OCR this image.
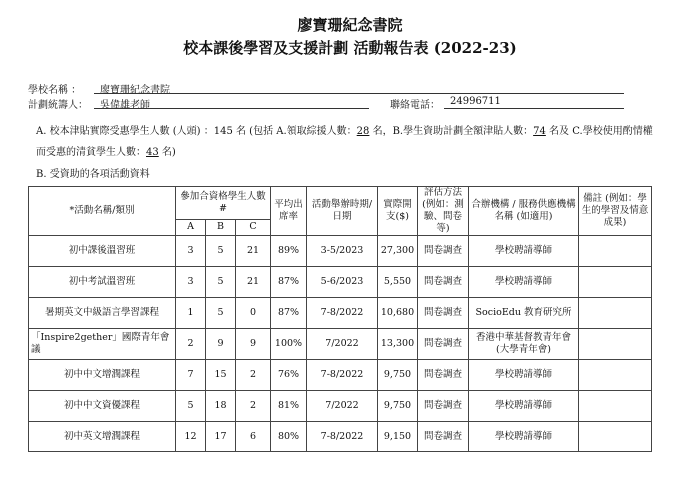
廖寶珊紀念書院
校本課後學習及支援計劃 活動報告表 (2022-23)
學校名稱 ： 廖寶珊紀念書院
計劃統籌人： 吳偉雄老師	聯絡電話： 24996711
A. 校本津貼實際受惠學生人數 (人頭) ：145 名 (包括 A.領取綜援人數：28 名，B.學生資助計劃全額津貼人數：74 名及 C.學校使用酌情權
而受惠的清貧學生人數：43 名)
B. 受資助的各項活動資料
*活動名稱/類別	參加合資格學生人數#			平均出席率	活動舉辦時期/日期	實際開支($)	評估方法(例如：測驗、問卷等)	合辦機構 / 服務供應機構名稱 (如適用)	備註 (例如：學生的學習及情意成果)
	A	B	C						
初中課後溫習班	3	5	21	89%	3-5/2023	27,300	問卷調查	學校聘請導師	
初中考試溫習班	3	5	21	87%	5-6/2023	5,550	問卷調查	學校聘請導師	
暑期英文中級語言學習課程	1	5	0	87%	7-8/2022	10,680	問卷調查	SocioEdu 教育研究所	
「Inspire2gether」國際青年會議	2	9	9	100%	7/2022	13,300	問卷調查	香港中華基督教青年會 (大學青年會)	
初中中文增潤課程	7	15	2	76%	7-8/2022	9,750	問卷調查	學校聘請導師	
初中中文資優課程	5	18	2	81%	7/2022	9,750	問卷調查	學校聘請導師	
初中英文增潤課程	12	17	6	80%	7-8/2022	9,150	問卷調查	學校聘請導師	
